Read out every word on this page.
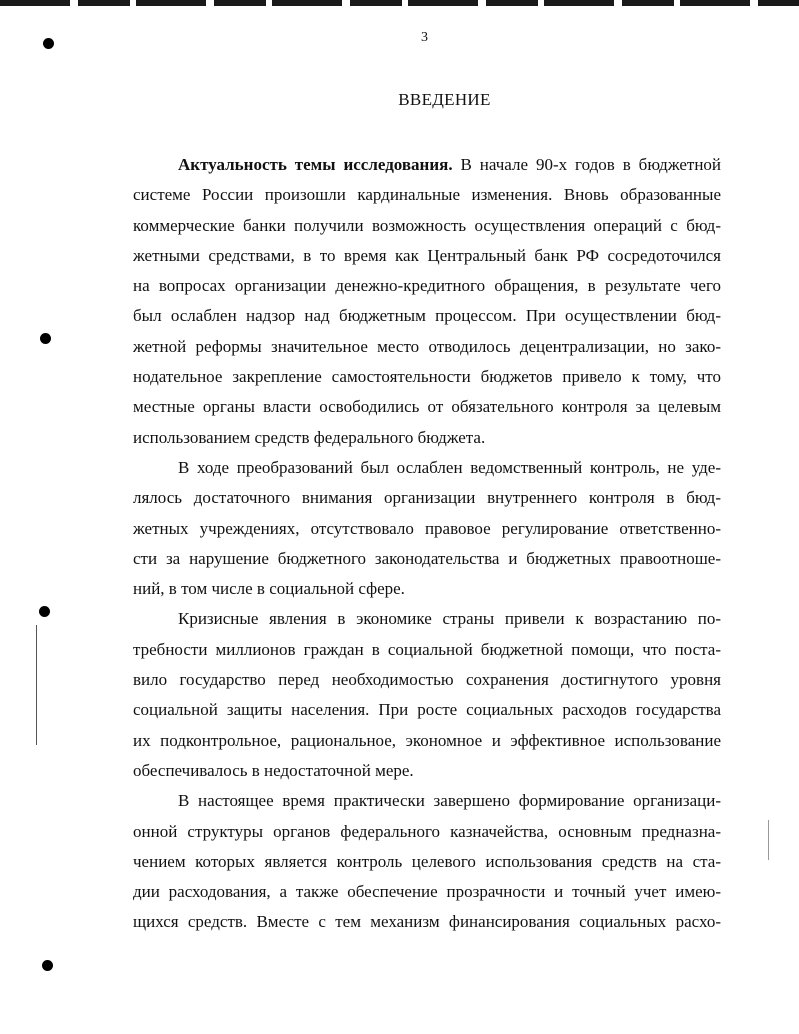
3
ВВЕДЕНИЕ
Актуальность темы исследования. В начале 90-х годов в бюджетной
системе России произошли кардинальные изменения. Вновь образованные
коммерческие банки получили возможность осуществления операций с бюд-
жетными средствами, в то время как Центральный банк РФ сосредоточился
на вопросах организации денежно-кредитного обращения, в результате чего
был ослаблен надзор над бюджетным процессом. При осуществлении бюд-
жетной реформы значительное место отводилось децентрализации, но зако-
нодательное закрепление самостоятельности бюджетов привело к тому, что
местные органы власти освободились от обязательного контроля за целевым
использованием средств федерального бюджета.
В ходе преобразований был ослаблен ведомственный контроль, не уде-
лялось достаточного внимания организации внутреннего контроля в бюд-
жетных учреждениях, отсутствовало правовое регулирование ответственно-
сти за нарушение бюджетного законодательства и бюджетных правоотноше-
ний, в том числе в социальной сфере.
Кризисные явления в экономике страны привели к возрастанию по-
требности миллионов граждан в социальной бюджетной помощи, что поста-
вило государство перед необходимостью сохранения достигнутого уровня
социальной защиты населения. При росте социальных расходов государства
их подконтрольное, рациональное, экономное и эффективное использование
обеспечивалось в недостаточной мере.
В настоящее время практически завершено формирование организаци-
онной структуры органов федерального казначейства, основным предназна-
чением которых является контроль целевого использования средств на ста-
дии расходования, а также обеспечение прозрачности и точный учет имею-
щихся средств. Вместе с тем механизм финансирования социальных расхо-
